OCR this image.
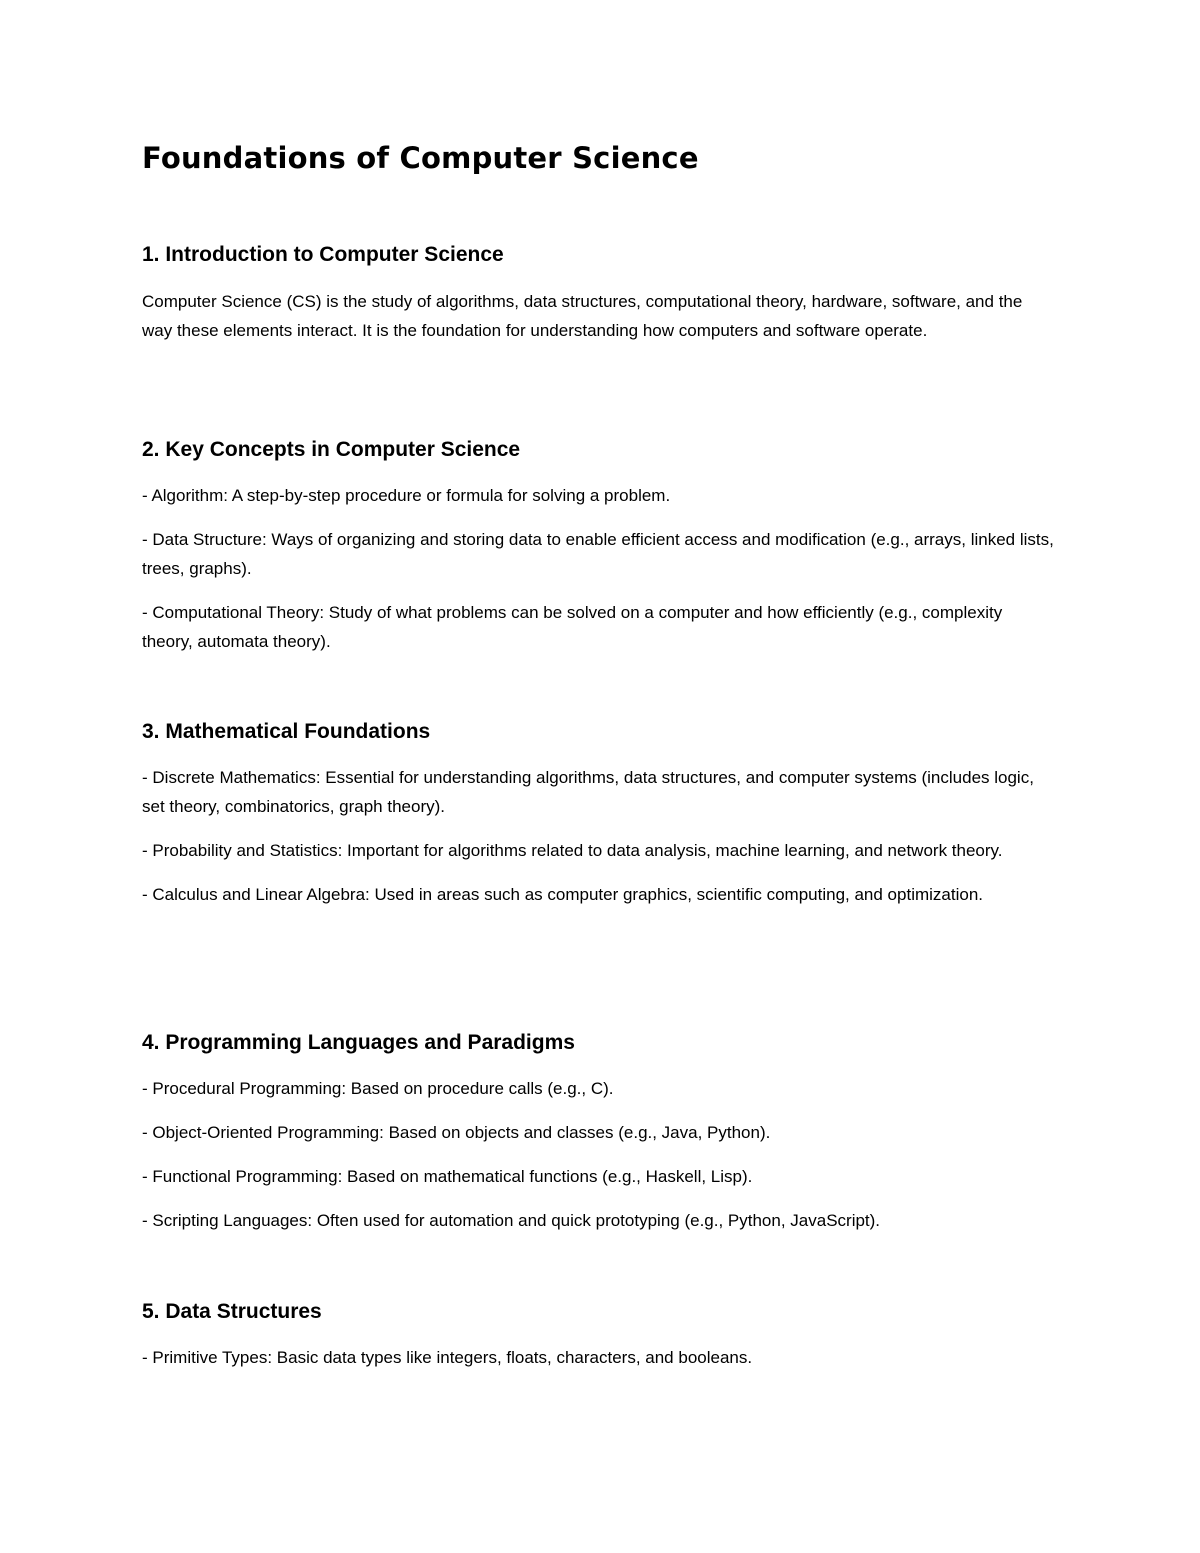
Foundations of Computer Science
1. Introduction to Computer Science

Computer Science (CS) is the study of algorithms, data structures, computational theory, hardware, software, and the way these elements interact. It is the foundation for understanding how computers and software operate.

2. Key Concepts in Computer Science

- Algorithm: A step-by-step procedure or formula for solving a problem.

- Data Structure: Ways of organizing and storing data to enable efficient access and modification (e.g., arrays, linked lists, trees, graphs).

- Computational Theory: Study of what problems can be solved on a computer and how efficiently (e.g., complexity theory, automata theory).

3. Mathematical Foundations

- Discrete Mathematics: Essential for understanding algorithms, data structures, and computer systems (includes logic, set theory, combinatorics, graph theory).

- Probability and Statistics: Important for algorithms related to data analysis, machine learning, and network theory.

- Calculus and Linear Algebra: Used in areas such as computer graphics, scientific computing, and optimization.

4. Programming Languages and Paradigms

- Procedural Programming: Based on procedure calls (e.g., C).

- Object-Oriented Programming: Based on objects and classes (e.g., Java, Python).

- Functional Programming: Based on mathematical functions (e.g., Haskell, Lisp).

- Scripting Languages: Often used for automation and quick prototyping (e.g., Python, JavaScript).

5. Data Structures

- Primitive Types: Basic data types like integers, floats, characters, and booleans.
